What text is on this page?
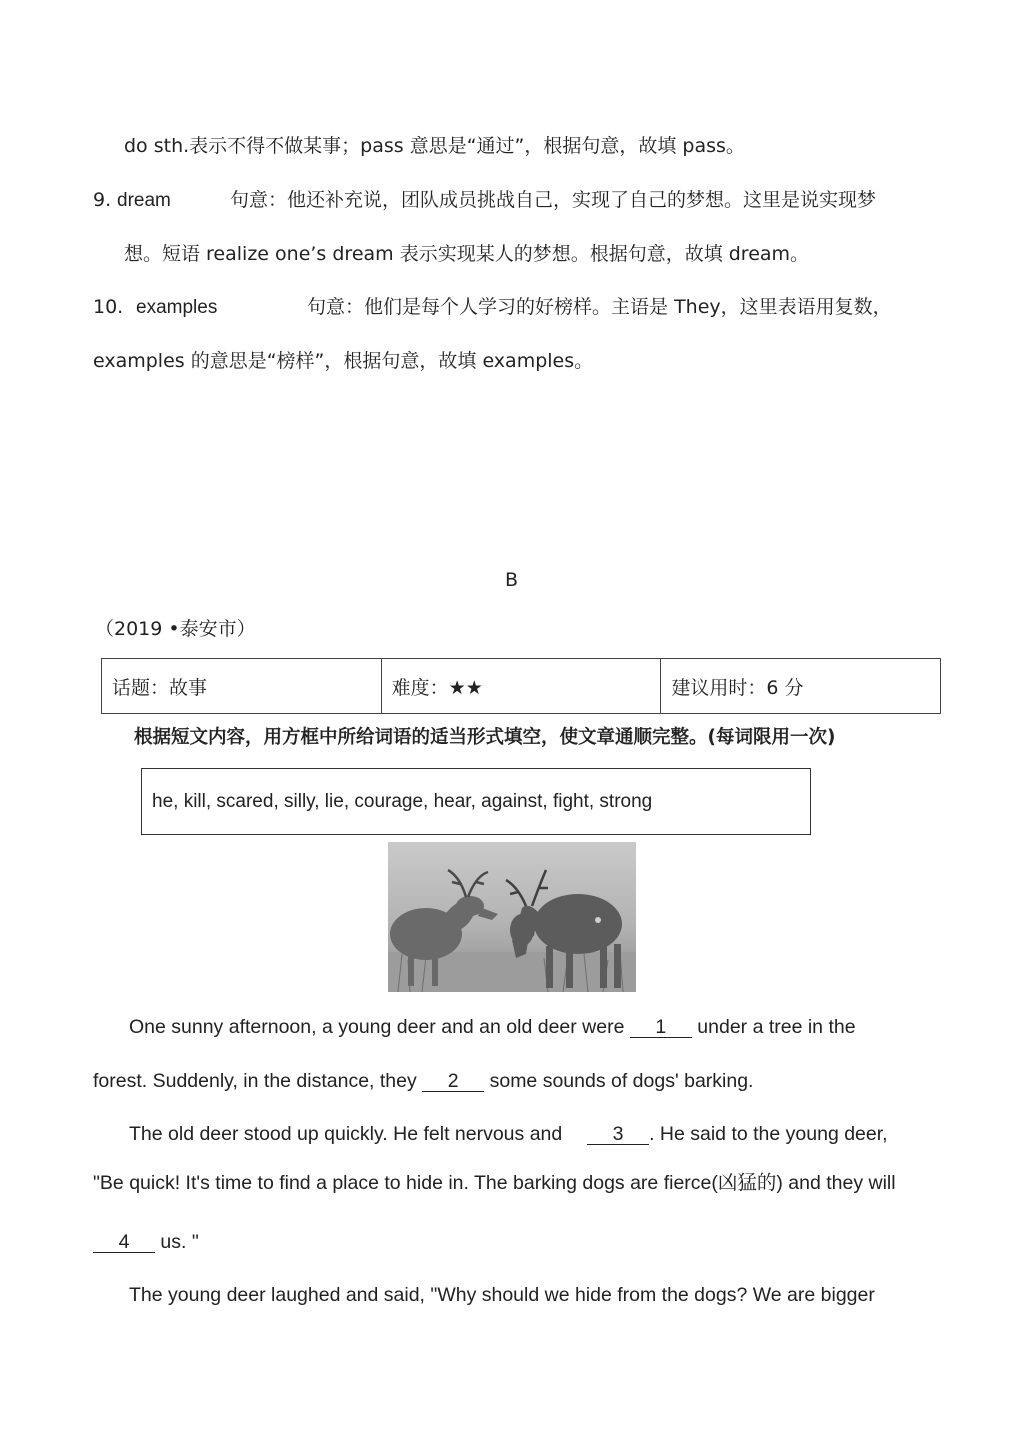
do sth.表示不得不做某事；pass 意思是“通过”，根据句意，故填 pass。
9. dream	句意：他还补充说，团队成员挑战自己，实现了自己的梦想。这里是说实现梦
想。短语 realize one’s dream 表示实现某人的梦想。根据句意，故填 dream。
10. examples	句意：他们是每个人学习的好榜样。主语是 They，这里表语用复数，
examples 的意思是“榜样”，根据句意，故填 examples。
B
（2019 •泰安市）
话题：故事	难度：★★	建议用时：6 分
根据短文内容，用方框中所给词语的适当形式填空，使文章通顺完整。(每词限用一次)
he, kill, scared, silly, lie, courage, hear, against, fight, strong
One sunny afternoon, a young deer and an old deer were 1 under a tree in the
forest. Suddenly, in the distance, they 2 some sounds of dogs' barking.
The old deer stood up quickly. He felt nervous and	3 . He said to the young deer,
"Be quick! It's time to find a place to hide in. The barking dogs are fierce(凶猛的) and they will
4 us. "
The young deer laughed and said, "Why should we hide from the dogs? We are bigger
